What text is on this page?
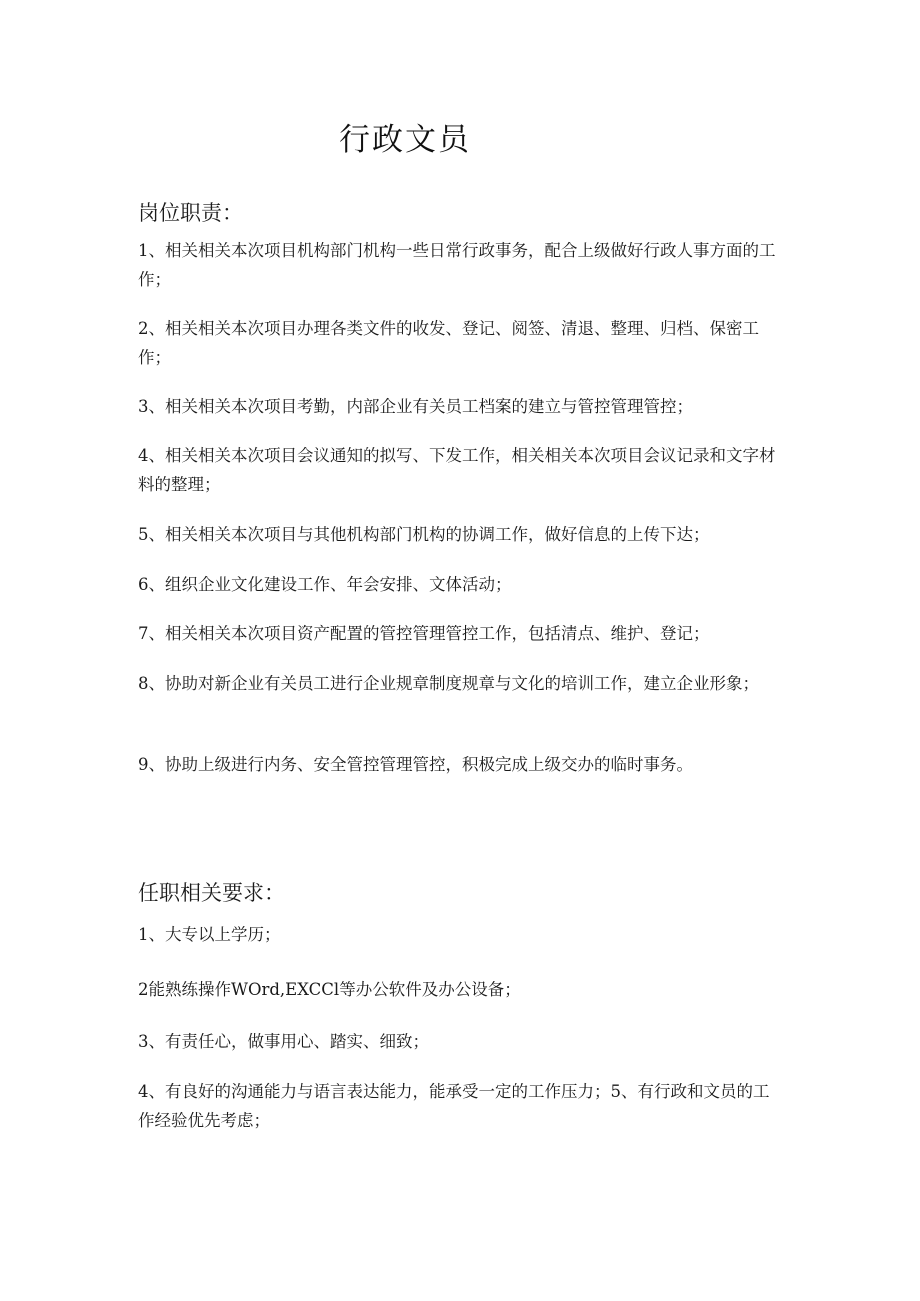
行政文员
岗位职责：
1、相关相关本次项目机构部门机构一些日常行政事务，配合上级做好行政人事方面的工作；
2、相关相关本次项目办理各类文件的收发、登记、阅签、清退、整理、归档、保密工作；
3、相关相关本次项目考勤，内部企业有关员工档案的建立与管控管理管控；
4、相关相关本次项目会议通知的拟写、下发工作，相关相关本次项目会议记录和文字材料的整理；
5、相关相关本次项目与其他机构部门机构的协调工作，做好信息的上传下达；
6、组织企业文化建设工作、年会安排、文体活动；
7、相关相关本次项目资产配置的管控管理管控工作，包括清点、维护、登记；
8、协助对新企业有关员工进行企业规章制度规章与文化的培训工作，建立企业形象；
9、协助上级进行内务、安全管控管理管控，积极完成上级交办的临时事务。
任职相关要求：
1、大专以上学历；
2能熟练操作WOrd,EXCCl等办公软件及办公设备；
3、有责任心，做事用心、踏实、细致；
4、有良好的沟通能力与语言表达能力，能承受一定的工作压力；5、有行政和文员的工作经验优先考虑；
